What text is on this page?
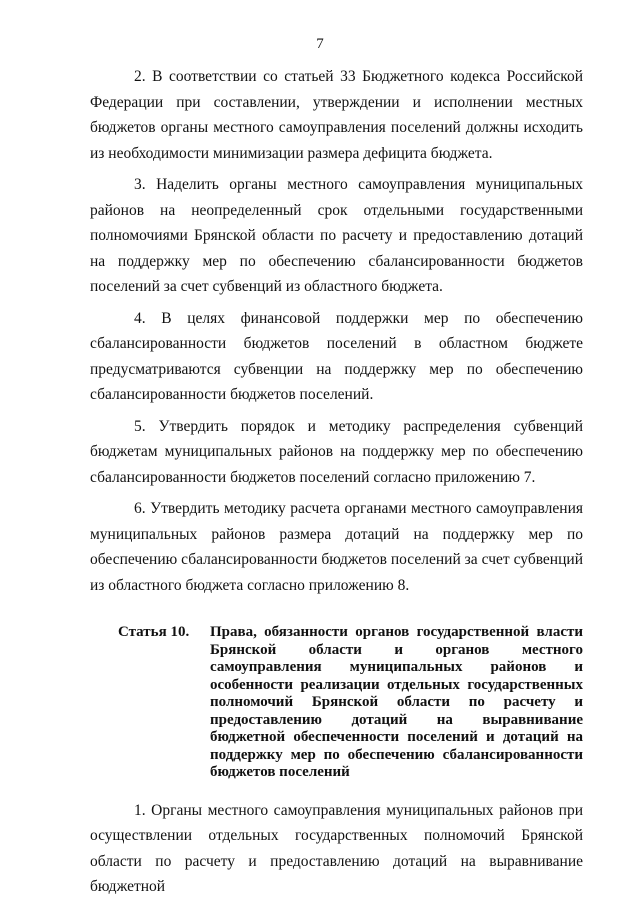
7

2. В соответствии со статьей 33 Бюджетного кодекса Российской Федерации при составлении, утверждении и исполнении местных бюджетов органы местного самоуправления поселений должны исходить из необходимости минимизации размера дефицита бюджета.

3. Наделить органы местного самоуправления муниципальных районов на неопределенный срок отдельными государственными полномочиями Брянской области по расчету и предоставлению дотаций на поддержку мер по обеспечению сбалансированности бюджетов поселений за счет субвенций из областного бюджета.

4. В целях финансовой поддержки мер по обеспечению сбалансированности бюджетов поселений в областном бюджете предусматриваются субвенции на поддержку мер по обеспечению сбалансированности бюджетов поселений.

5. Утвердить порядок и методику распределения субвенций бюджетам муниципальных районов на поддержку мер по обеспечению сбалансированности бюджетов поселений согласно приложению 7.

6. Утвердить методику расчета органами местного самоуправления муниципальных районов размера дотаций на поддержку мер по обеспечению сбалансированности бюджетов поселений за счет субвенций из областного бюджета согласно приложению 8.

Статья 10.	Права, обязанности органов государственной власти Брянской области и органов местного самоуправления муниципальных районов и особенности реализации отдельных государственных полномочий Брянской области по расчету и предоставлению дотаций на выравнивание бюджетной обеспеченности поселений и дотаций на поддержку мер по обеспечению сбалансированности бюджетов поселений

1. Органы местного самоуправления муниципальных районов при осуществлении отдельных государственных полномочий Брянской области по расчету и предоставлению дотаций на выравнивание бюджетной
